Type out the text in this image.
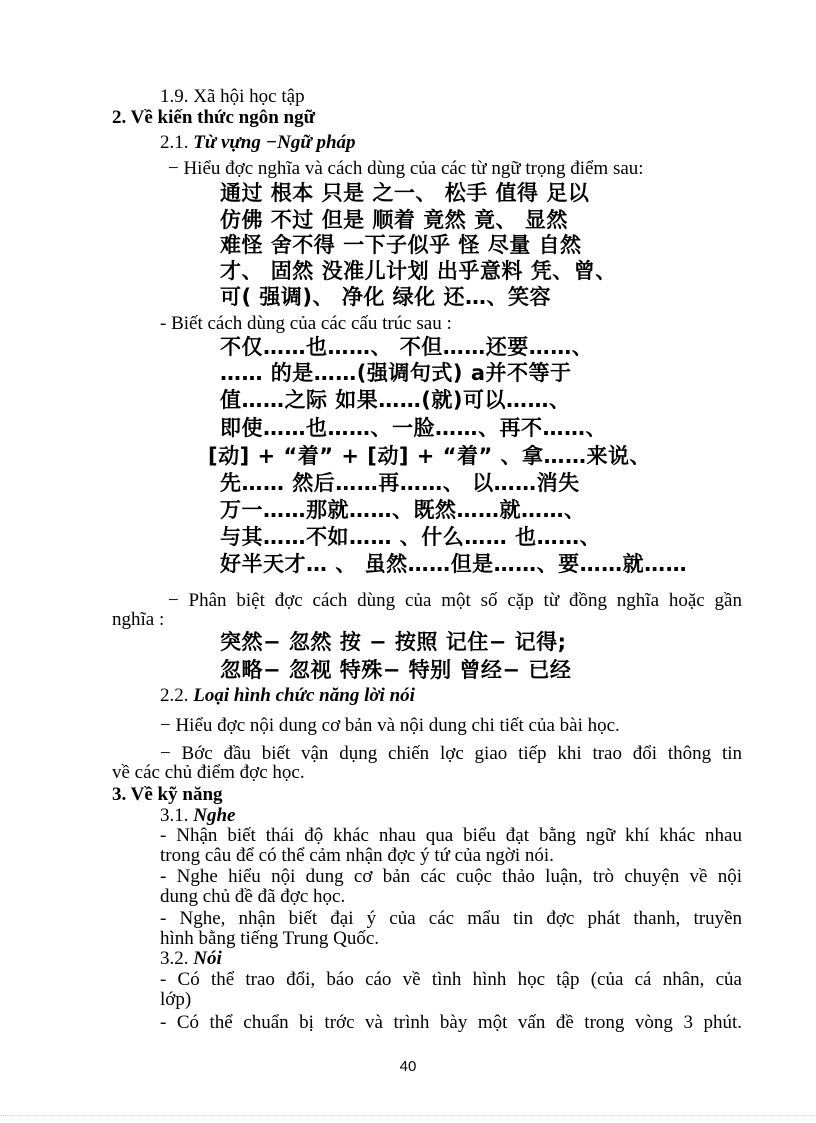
1.9. Xã hội học tập
2. Về kiến thức ngôn ngữ
2.1. Từ vựng −Ngữ pháp
− Hiểu đợc nghĩa và cách dùng của các từ ngữ trọng điểm sau:
通过 根本 只是 之一、 松手 值得 足以
仿佛 不过 但是 顺着 竟然 竟、 显然
难怪 舍不得 一下子似乎 怪 尽量 自然
才、 固然 没准儿计划 出乎意料 凭、曾、
可( 强调)、 净化 绿化 还…、笑容
- Biết cách dùng của các cấu trúc sau :
不仅……也……、 不但……还要……、
…… 的是……(强调句式) a并不等于
值……之际 如果……(就)可以……、
即使……也……、一脸……、再不……、
[动] + “着” + [动] + “着” 、拿……来说、
先…… 然后……再……、 以……消失
万一……那就……、既然……就……、
与其……不如…… 、什么…… 也……、
好半天才… 、 虽然……但是……、要……就……
− Phân biệt đợc cách dùng của một số cặp từ đồng nghĩa hoặc gần
nghĩa :
突然− 忽然 按 − 按照 记住− 记得;
忽略− 忽视 特殊− 特别 曾经− 已经
2.2. Loại hình chức năng lời nói
− Hiểu đợc nội dung cơ bản và nội dung chi tiết của bài học.
− Bớc đầu biết vận dụng chiến lợc giao tiếp khi trao đổi thông tin
về các chủ điểm đợc học.
3. Về kỹ năng
3.1. Nghe
- Nhận biết thái độ khác nhau qua biểu đạt bằng ngữ khí khác nhau
trong câu để có thể cảm nhận đợc ý tứ của ngời nói.
- Nghe hiểu nội dung cơ bản các cuộc thảo luận, trò chuyện về nội
dung chủ đề đã đợc học.
- Nghe, nhận biết đại ý của các mẩu tin đợc phát thanh, truyền
hình bằng tiếng Trung Quốc.
3.2. Nói
- Có thể trao đổi, báo cáo về tình hình học tập (của cá nhân, của
lớp)
- Có thể chuẩn bị trớc và trình bày một vấn đề trong vòng 3 phút.
40
